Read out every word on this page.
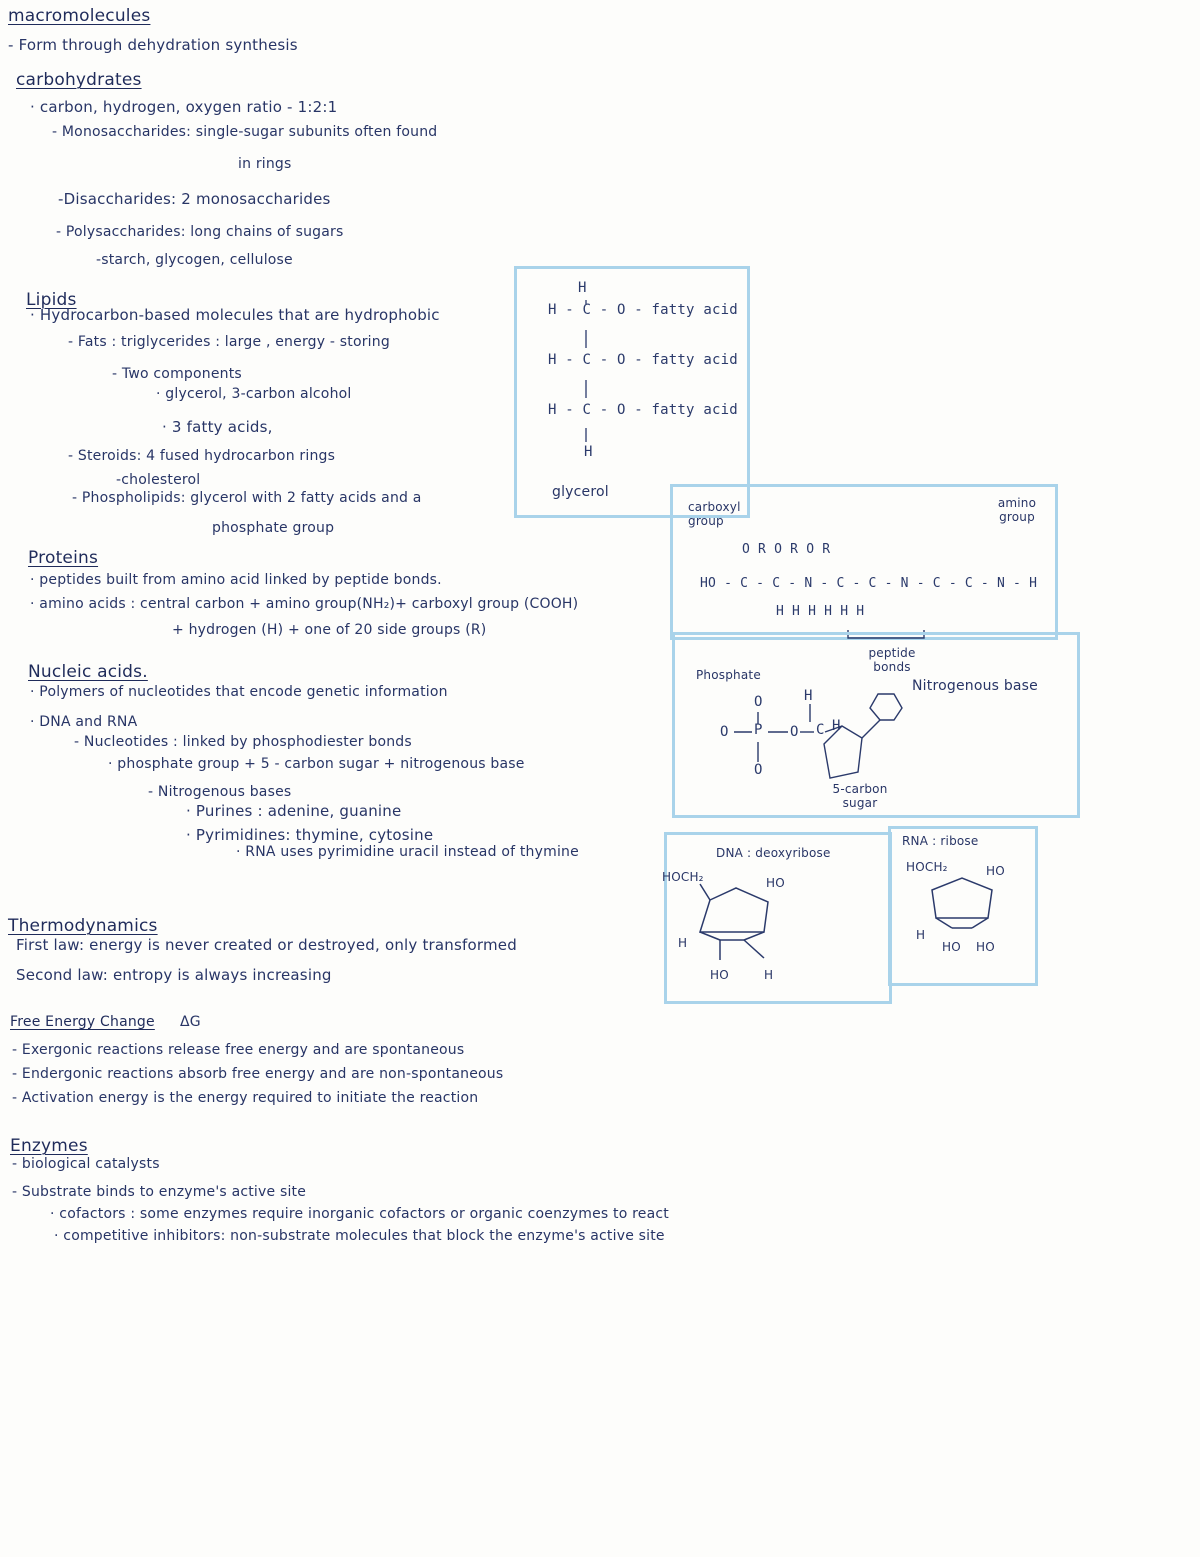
macromolecules
- Form through dehydration synthesis
carbohydrates
· carbon, hydrogen, oxygen ratio - 1:2:1
- Monosaccharides: single-sugar subunits often found
in rings
-Disaccharides: 2 monosaccharides
- Polysaccharides: long chains of sugars
-starch, glycogen, cellulose
Lipids
· Hydrocarbon-based molecules that are hydrophobic
- Fats : triglycerides : large , energy - storing
- Two components
· glycerol, 3-carbon alcohol
· 3 fatty acids,
- Steroids: 4 fused hydrocarbon rings
-cholesterol
- Phospholipids: glycerol with 2 fatty acids and a
phosphate group
H
H - C - O - fatty acid
H - C - O - fatty acid
H - C - O - fatty acid
H
glycerol
Proteins
· peptides built from amino acid linked by peptide bonds.
· amino acids : central carbon + amino group(NH₂)+ carboxyl group (COOH)
+ hydrogen (H) + one of 20 side groups (R)
carboxyl group
amino group
O R O R O R
HO - C - C - N - C - C - N - C - C - N - H
H H H H H H
peptide bonds
Nucleic acids.
· Polymers of nucleotides that encode genetic information
· DNA and RNA
- Nucleotides : linked by phosphodiester bonds
· phosphate group + 5 - carbon sugar + nitrogenous base
- Nitrogenous bases
· Purines : adenine, guanine
· Pyrimidines: thymine, cytosine
· RNA uses pyrimidine uracil instead of thymine
Phosphate
Nitrogenous base
O
O P O C
H
H
O
5-carbon sugar
DNA : deoxyribose
RNA : ribose
HOCH₂	HO
H
HO	H
HOCH₂	HO
H
HO HO
Thermodynamics
First law: energy is never created or destroyed, only transformed
Second law: entropy is always increasing
Free Energy Change ΔG
- Exergonic reactions release free energy and are spontaneous
- Endergonic reactions absorb free energy and are non-spontaneous
- Activation energy is the energy required to initiate the reaction
Enzymes
- biological catalysts
- Substrate binds to enzyme's active site
· cofactors : some enzymes require inorganic cofactors or organic coenzymes to react
· competitive inhibitors: non-substrate molecules that block the enzyme's active site
